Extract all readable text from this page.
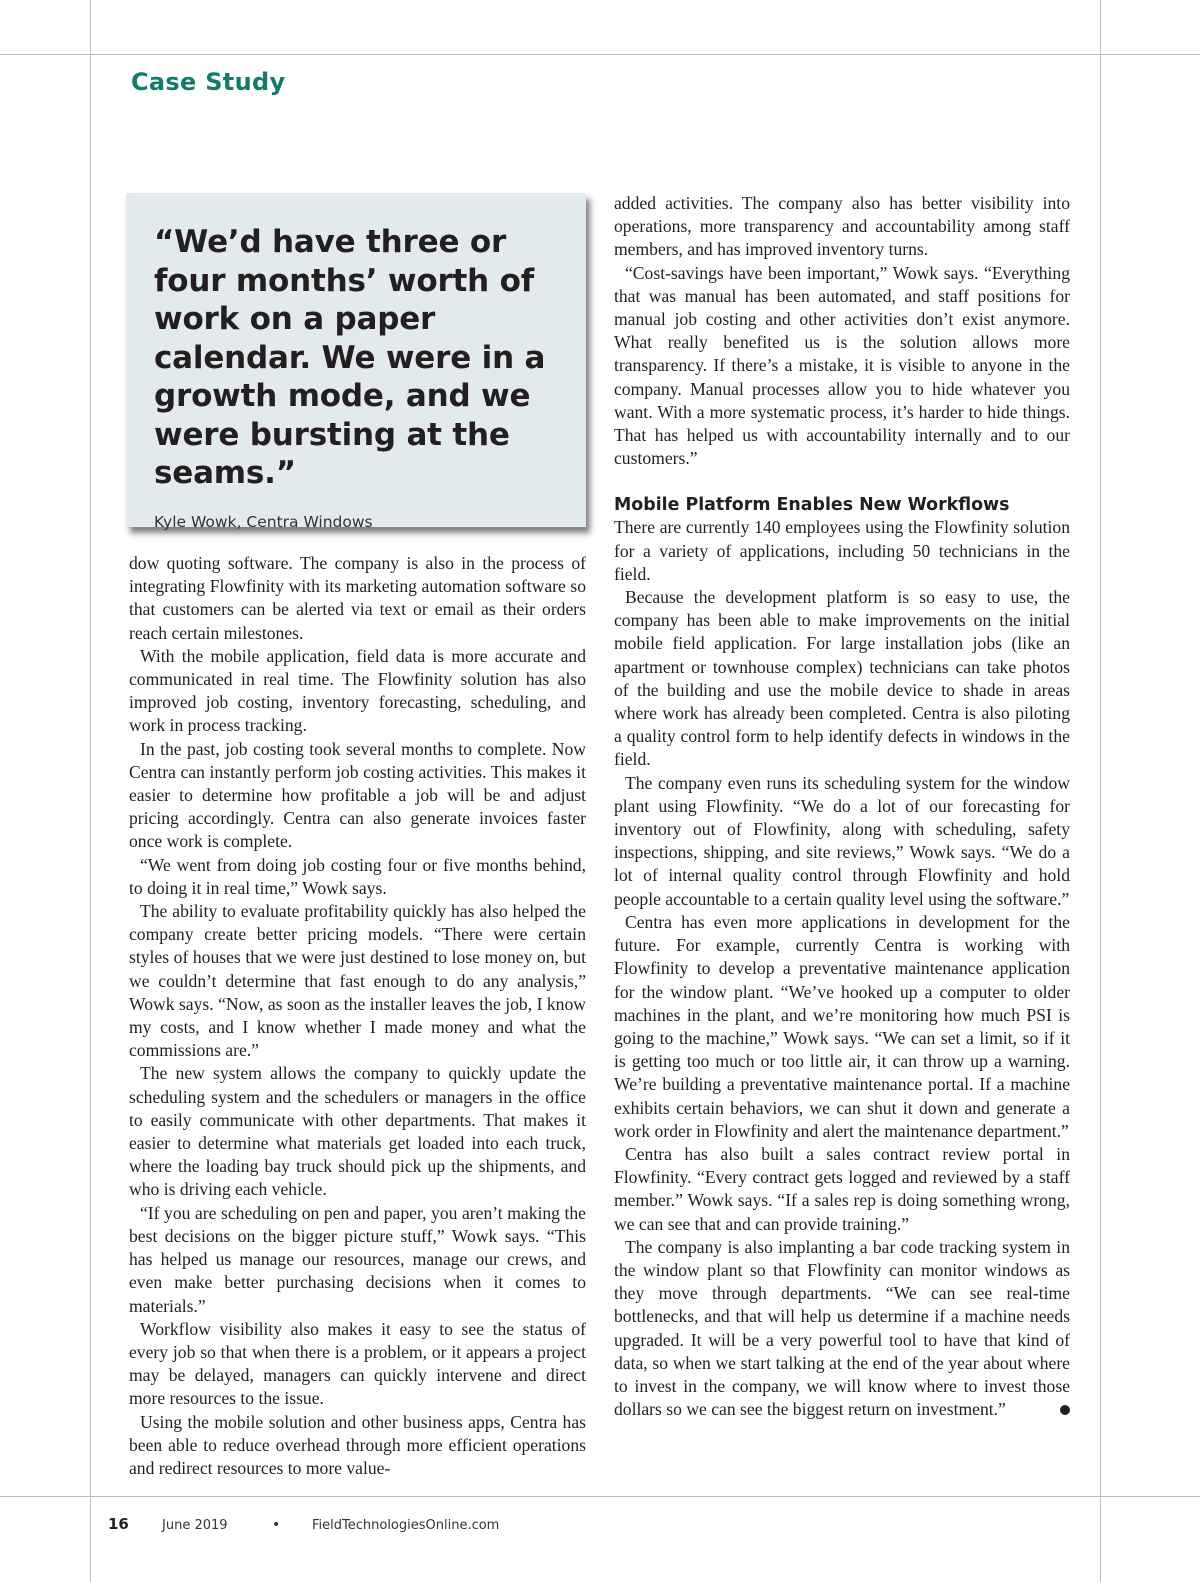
Case Study

“We’d have three or four months’ worth of work on a paper calendar. We were in a growth mode, and we were bursting at the seams.”

Kyle Wowk, Centra Windows

dow quoting software. The company is also in the process of integrating Flowfinity with its marketing automation software so that customers can be alerted via text or email as their orders reach certain milestones.

With the mobile application, field data is more accurate and communicated in real time. The Flowfinity solution has also improved job costing, inventory forecasting, scheduling, and work in process tracking.

In the past, job costing took several months to complete. Now Centra can instantly perform job costing activities. This makes it easier to determine how profitable a job will be and adjust pricing accordingly. Centra can also generate invoices faster once work is complete.

“We went from doing job costing four or five months behind, to doing it in real time,” Wowk says.

The ability to evaluate profitability quickly has also helped the company create better pricing models. “There were certain styles of houses that we were just destined to lose money on, but we couldn’t determine that fast enough to do any analysis,” Wowk says. “Now, as soon as the installer leaves the job, I know my costs, and I know whether I made money and what the commissions are.”

The new system allows the company to quickly update the scheduling system and the schedulers or managers in the office to easily communicate with other departments. That makes it easier to determine what materials get loaded into each truck, where the loading bay truck should pick up the shipments, and who is driving each vehicle.

“If you are scheduling on pen and paper, you aren’t making the best decisions on the bigger picture stuff,” Wowk says. “This has helped us manage our resources, manage our crews, and even make better purchasing decisions when it comes to materials.”

Workflow visibility also makes it easy to see the status of every job so that when there is a problem, or it appears a project may be delayed, managers can quickly intervene and direct more resources to the issue.

Using the mobile solution and other business apps, Centra has been able to reduce overhead through more efficient operations and redirect resources to more value-

added activities. The company also has better visibility into operations, more transparency and accountability among staff members, and has improved inventory turns.

“Cost-savings have been important,” Wowk says. “Everything that was manual has been automated, and staff positions for manual job costing and other activities don’t exist anymore. What really benefited us is the solution allows more transparency. If there’s a mistake, it is visible to anyone in the company. Manual processes allow you to hide whatever you want. With a more systematic process, it’s harder to hide things. That has helped us with accountability internally and to our customers.”

Mobile Platform Enables New Workflows

There are currently 140 employees using the Flowfinity solution for a variety of applications, including 50 technicians in the field.

Because the development platform is so easy to use, the company has been able to make improvements on the initial mobile field application. For large installation jobs (like an apartment or townhouse complex) technicians can take photos of the building and use the mobile device to shade in areas where work has already been completed. Centra is also piloting a quality control form to help identify defects in windows in the field.

The company even runs its scheduling system for the window plant using Flowfinity. “We do a lot of our forecasting for inventory out of Flowfinity, along with scheduling, safety inspections, shipping, and site reviews,” Wowk says. “We do a lot of internal quality control through Flowfinity and hold people accountable to a certain quality level using the software.”

Centra has even more applications in development for the future. For example, currently Centra is working with Flowfinity to develop a preventative maintenance application for the window plant. “We’ve hooked up a computer to older machines in the plant, and we’re monitoring how much PSI is going to the machine,” Wowk says. “We can set a limit, so if it is getting too much or too little air, it can throw up a warning. We’re building a preventative maintenance portal. If a machine exhibits certain behaviors, we can shut it down and generate a work order in Flowfinity and alert the maintenance department.”

Centra has also built a sales contract review portal in Flowfinity. “Every contract gets logged and reviewed by a staff member.” Wowk says. “If a sales rep is doing something wrong, we can see that and can provide training.”

The company is also implanting a bar code tracking system in the window plant so that Flowfinity can monitor windows as they move through departments. “We can see real-time bottlenecks, and that will help us determine if a machine needs upgraded. It will be a very powerful tool to have that kind of data, so when we start talking at the end of the year about where to invest in the company, we will know where to invest those dollars so we can see the biggest return on investment.”

16	June 2019	•	FieldTechnologiesOnline.com
